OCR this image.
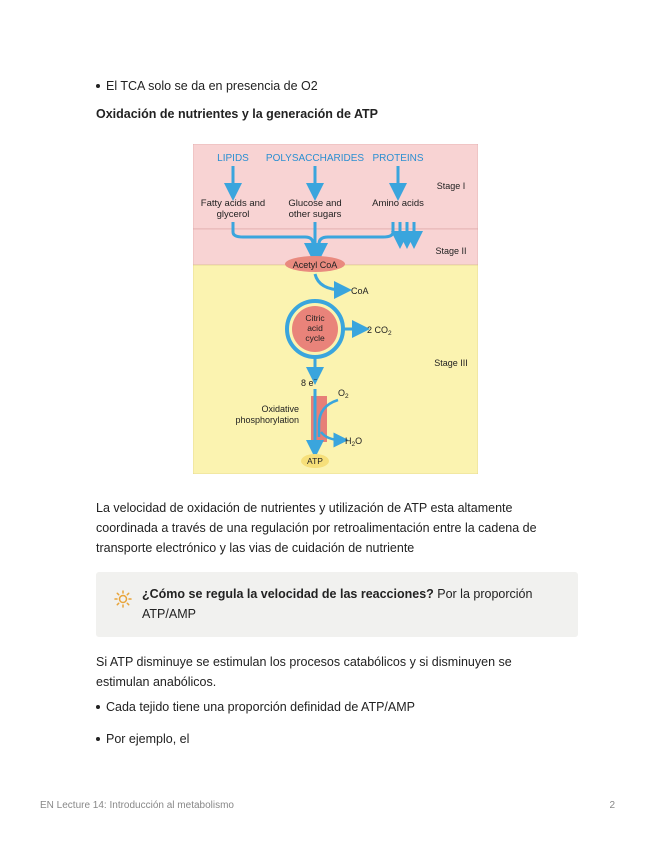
El TCA solo se da en presencia de O2
Oxidación de nutrientes y la generación de ATP
LIPIDS POLYSACCHARIDES PROTEINS
Fatty acids and
glycerol
Glucose and
other sugars
Amino acids
Stage I
Stage II
Stage III
Acetyl CoA
CoA
Citric
acid
cycle
2 $CO_2$
8 e−
$O_2$
Oxidative
phosphorylation
$H_2O$
ATP
La velocidad de oxidación de nutrientes y utilización de ATP esta altamente
coordinada a través de una regulación por retroalimentación entre la cadena de
transporte electrónico y las vias de cuidación de nutriente
¿Cómo se regula la velocidad de las reacciones? Por la proporción
ATP/AMP
Si ATP disminuye se estimulan los procesos catabólicos y si disminuyen se
estimulan anabólicos.
Cada tejido tiene una proporción definidad de ATP/AMP
Por ejemplo, el
EN Lecture 14: Introducción al metabolismo	2
